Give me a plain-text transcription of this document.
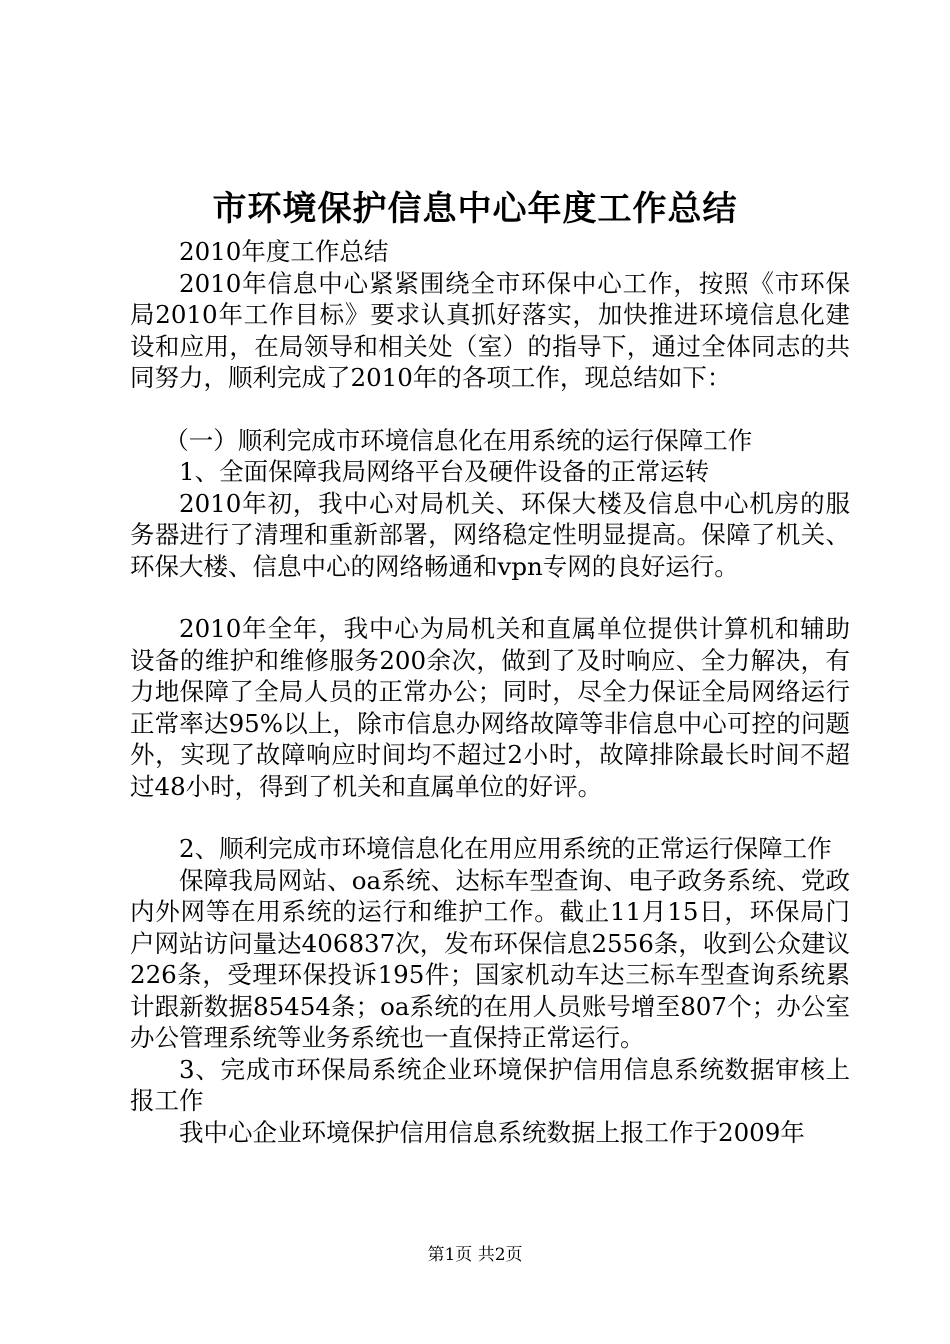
市环境保护信息中心年度工作总结

2010年度工作总结

2010年信息中心紧紧围绕全市环保中心工作，按照《市环保局2010年工作目标》要求认真抓好落实，加快推进环境信息化建设和应用，在局领导和相关处（室）的指导下，通过全体同志的共同努力，顺利完成了2010年的各项工作，现总结如下：

（一）顺利完成市环境信息化在用系统的运行保障工作

1、全面保障我局网络平台及硬件设备的正常运转

2010年初，我中心对局机关、环保大楼及信息中心机房的服务器进行了清理和重新部署，网络稳定性明显提高。保障了机关、环保大楼、信息中心的网络畅通和vpn专网的良好运行。

2010年全年，我中心为局机关和直属单位提供计算机和辅助设备的维护和维修服务200余次，做到了及时响应、全力解决，有力地保障了全局人员的正常办公；同时，尽全力保证全局网络运行正常率达95%以上，除市信息办网络故障等非信息中心可控的问题外，实现了故障响应时间均不超过2小时，故障排除最长时间不超过48小时，得到了机关和直属单位的好评。

2、顺利完成市环境信息化在用应用系统的正常运行保障工作

保障我局网站、oa系统、达标车型查询、电子政务系统、党政内外网等在用系统的运行和维护工作。截止11月15日，环保局门户网站访问量达406837次，发布环保信息2556条，收到公众建议226条，受理环保投诉195件；国家机动车达三标车型查询系统累计跟新数据85454条；oa系统的在用人员账号增至807个；办公室办公管理系统等业务系统也一直保持正常运行。

3、完成市环保局系统企业环境保护信用信息系统数据审核上报工作

我中心企业环境保护信用信息系统数据上报工作于2009年

第1页 共2页
